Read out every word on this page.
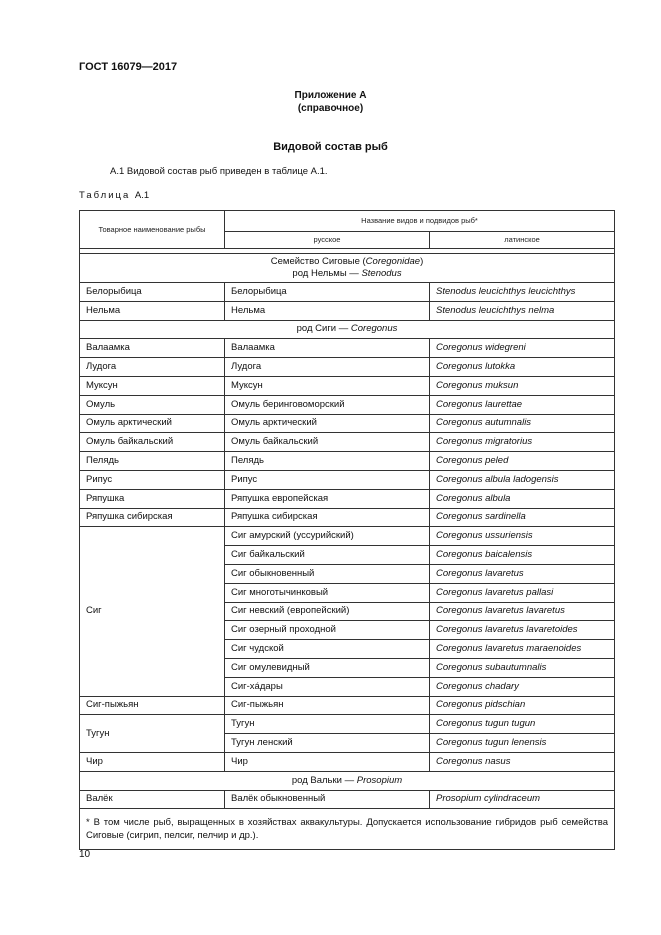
ГОСТ 16079—2017
Приложение А
(справочное)
Видовой состав рыб
А.1 Видовой состав рыб приведен в таблице А.1.
Таблица А.1
Товарное наименование рыбы	Название видов и подвидов рыб*	
	русское	латинское

Семейство Сиговые (Coregonidae)
род Нельмы — Stenodus		
Белорыбица	Белорыбица	Stenodus leucichthys leucichthys
Нельма	Нельма	Stenodus leucichthys nelma
род Сиги — Coregonus		
Валаамка	Валаамка	Coregonus widegreni
Лудога	Лудога	Coregonus lutokka
Муксун	Муксун	Coregonus muksun
Омуль	Омуль беринговоморский	Coregonus laurettae
Омуль арктический	Омуль арктический	Coregonus autumnalis
Омуль байкальский	Омуль байкальский	Coregonus migratorius
Пелядь	Пелядь	Coregonus peled
Рипус	Рипус	Coregonus albula ladogensis
Ряпушка	Ряпушка европейская	Coregonus albula
Ряпушка сибирская	Ряпушка сибирская	Coregonus sardinella
Сиг	Сиг амурский (уссурийский)	Coregonus ussuriensis
	Сиг байкальский	Coregonus baicalensis
	Сиг обыкновенный	Coregonus lavaretus
	Сиг многотычинковый	Coregonus lavaretus pallasi
	Сиг невский (европейский)	Coregonus lavaretus lavaretus
	Сиг озерный проходной	Coregonus lavaretus lavaretoides
	Сиг чудской	Coregonus lavaretus maraenoides
	Сиг омулевидный	Coregonus subautumnalis
	Сиг-хáдары	Coregonus chadary
Сиг-пыжьян	Сиг-пыжьян	Coregonus pidschian
Тугун	Тугун	Coregonus tugun tugun
	Тугун ленский	Coregonus tugun lenensis
Чир	Чир	Coregonus nasus
род Вальки — Prosopium		
Валёк	Валёк обыкновенный	Prosopium cylindraceum
* В том числе рыб, выращенных в хозяйствах аквакультуры. Допускается использование гибридов рыб семейства Сиговые (сигрип, пелсиг, пелчир и др.).		
10
